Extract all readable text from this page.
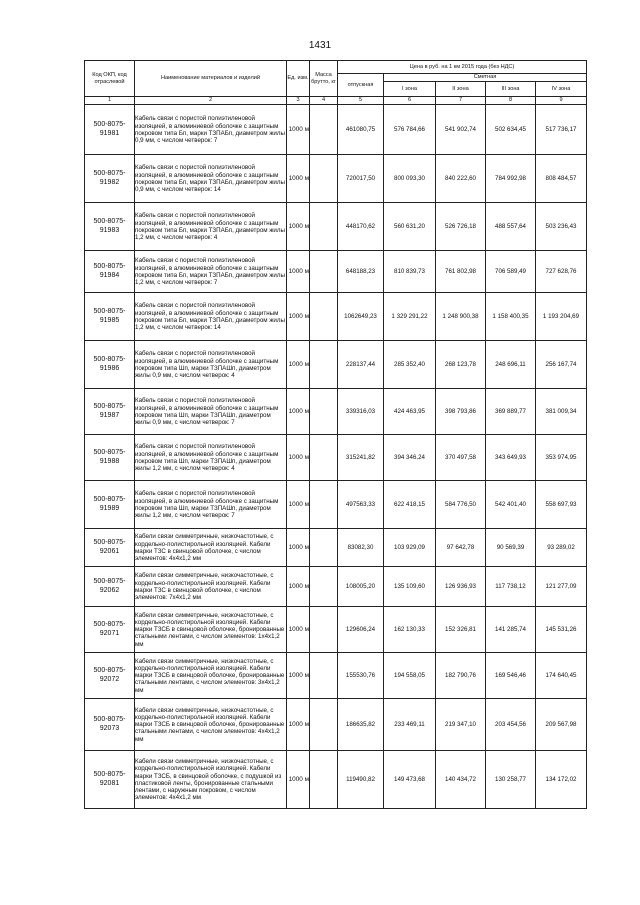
1431
Код ОКП, код отраслевой	Наименование материалов и изделий	Ед. изм.	Масса брутто, кг	Цена в руб. на 1 км 2015 года (без НДС)				
				отпускная	Сметная			
					I зона	II зона	III зона	IV зона

1	2	3	4	5	6	7	8	9
500-8075-91981	Кабель связи с пористой полиэтиленовой изоляцией, в алюминиевой оболочке с защитным покровом типа Бп, марки ТЗПАБп, диаметром жилы 0,9 мм, с числом четверок: 7	1000 м		461080,75	576 784,66	541 902,74	502 634,45	517 736,17
500-8075-91982	Кабель связи с пористой полиэтиленовой изоляцией, в алюминиевой оболочке с защитным покровом типа Бп, марки ТЗПАБп, диаметром жилы 0,9 мм, с числом четверок: 14	1000 м		720017,50	800 093,30	840 222,60	784 992,98	808 484,57
500-8075-91983	Кабель связи с пористой полиэтиленовой изоляцией, в алюминиевой оболочке с защитным покровом типа Бп, марки ТЗПАБп, диаметром жилы 1,2 мм, с числом четверок: 4	1000 м		448170,62	560 631,20	526 726,18	488 557,64	503 236,43
500-8075-91984	Кабель связи с пористой полиэтиленовой изоляцией, в алюминиевой оболочке с защитным покровом типа Бп, марки ТЗПАБп, диаметром жилы 1,2 мм, с числом четверок: 7	1000 м		648188,23	810 839,73	761 802,98	706 589,49	727 628,76
500-8075-91985	Кабель связи с пористой полиэтиленовой изоляцией, в алюминиевой оболочке с защитным покровом типа Бп, марки ТЗПАБп, диаметром жилы 1,2 мм, с числом четверок: 14	1000 м		1062649,23	1 329 291,22	1 248 900,38	1 158 400,35	1 193 204,69
500-8075-91986	Кабель связи с пористой полиэтиленовой изоляцией, в алюминиевой оболочке с защитным покровом типа Шп, марки ТЗПАШп, диаметром жилы 0,9 мм, с числом четверок: 4	1000 м		228137,44	285 352,40	268 123,78	248 696,11	256 167,74
500-8075-91987	Кабель связи с пористой полиэтиленовой изоляцией, в алюминиевой оболочке с защитным покровом типа Шп, марки ТЗПАШп, диаметром жилы 0,9 мм, с числом четверок: 7	1000 м		339316,03	424 463,95	398 793,86	369 889,77	381 009,34
500-8075-91988	Кабель связи с пористой полиэтиленовой изоляцией, в алюминиевой оболочке с защитным покровом типа Шп, марки ТЗПАШп, диаметром жилы 1,2 мм, с числом четверок: 4	1000 м		315241,82	394 346,24	370 497,58	343 649,93	353 974,95
500-8075-91989	Кабель связи с пористой полиэтиленовой изоляцией, в алюминиевой оболочке с защитным покровом типа Шп, марки ТЗПАШп, диаметром жилы 1,2 мм, с числом четверок: 7	1000 м		497563,33	622 418,15	584 776,50	542 401,40	558 697,93
500-8075-92061	Кабели связи симметричные, низкочастотные, с кордельно-полистирольной изоляцией. Кабели марки ТЗС в свинцовой оболочке, с числом элементов: 4х4х1,2 мм	1000 м		83082,30	103 929,09	97 642,78	90 569,39	93 289,02
500-8075-92062	Кабели связи симметричные, низкочастотные, с кордельно-полистирольной изоляцией. Кабели марки ТЗС в свинцовой оболочке, с числом элементов: 7х4х1,2 мм	1000 м		108005,20	135 109,60	126 936,93	117 738,12	121 277,09
500-8075-92071	Кабели связи симметричные, низкочастотные, с кордельно-полистирольной изоляцией. Кабели марки ТЗСБ в свинцовой оболочке, бронированные стальными лентами, с числом элементов: 1х4х1,2 мм	1000 м		129606,24	162 130,33	152 326,81	141 285,74	145 531,26
500-8075-92072	Кабели связи симметричные, низкочастотные, с кордельно-полистирольной изоляцией. Кабели марки ТЗСБ в свинцовой оболочке, бронированные стальными лентами, с числом элементов: 3х4х1,2 мм	1000 м		155530,76	194 558,05	182 790,76	169 546,46	174 640,45
500-8075-92073	Кабели связи симметричные, низкочастотные, с кордельно-полистирольной изоляцией. Кабели марки ТЗСБ в свинцовой оболочке, бронированные стальными лентами, с числом элементов: 4х4х1,2 мм	1000 м		186635,82	233 469,11	219 347,10	203 454,56	209 567,98
500-8075-92081	Кабели связи симметричные, низкочастотные, с кордельно-полистирольной изоляцией. Кабели марки ТЗСБ, в свинцовой оболочке, с подушкой из пластиковой ленты, бронированные стальными лентами, с наружным покровом, с числом элементов: 4х4х1,2 мм	1000 м		119490,82	149 473,68	140 434,72	130 258,77	134 172,02
